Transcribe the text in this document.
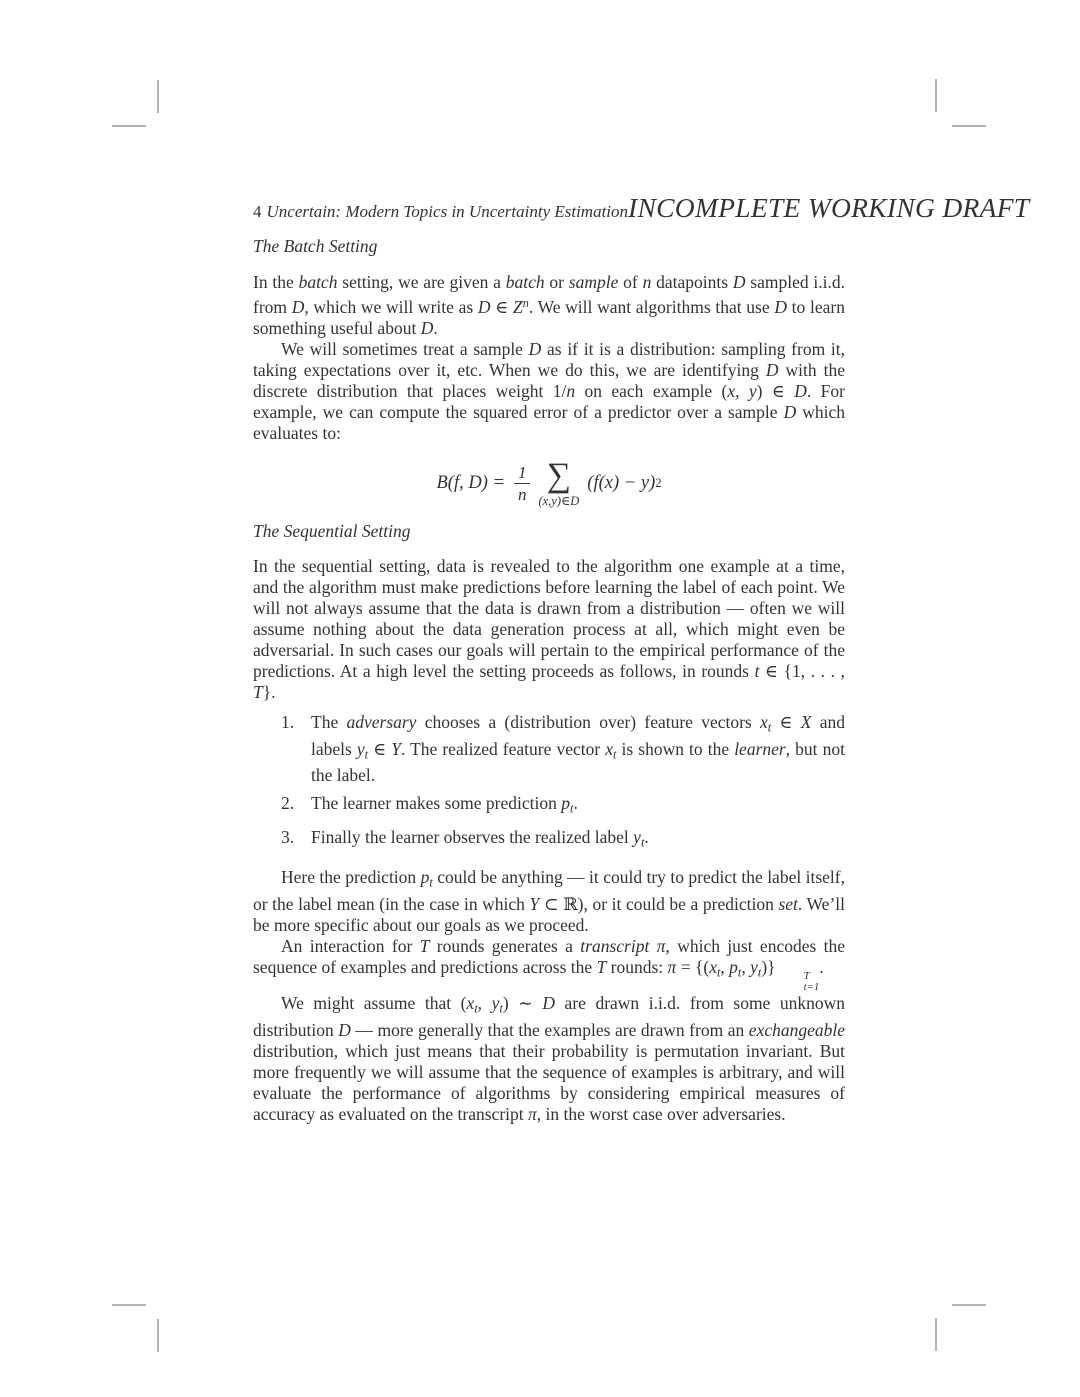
4 Uncertain: Modern Topics in Uncertainty Estimation INCOMPLETE WORKING DRAFT
The Batch Setting

In the batch setting, we are given a batch or sample of n datapoints D sampled i.i.d. from D, which we will write as D ∈ $Z^n$. We will want algorithms that use D to learn something useful about D.

We will sometimes treat a sample D as if it is a distribution: sampling from it, taking expectations over it, etc. When we do this, we are identifying D with the discrete distribution that places weight 1/n on each example (x, y) ∈ D. For example, we can compute the squared error of a predictor over a sample D which evaluates to:

B(f, $D) = \frac{1}{n}$ ∑
(x,y)∈D
(f(x) − y) 2
The Sequential Setting

In the sequential setting, data is revealed to the algorithm one example at a time, and the algorithm must make predictions before learning the label of each point. We will not always assume that the data is drawn from a distribution — often we will assume nothing about the data generation process at all, which might even be adversarial. In such cases our goals will pertain to the empirical performance of the predictions. At a high level the setting proceeds as follows, in rounds t ∈ {1, . . . , T}.

1. The adversary chooses a (distribution over) feature vectors $x_t$ ∈ X and labels $y_t$ ∈ Y. The realized feature vector $x_t$ is shown to the learner, but not the label.
2. The learner makes some prediction $p_t$.
3. Finally the learner observes the realized label $y_t$.

Here the prediction $p_t$ could be anything — it could try to predict the label itself, or the label mean (in the case in which Y ⊂ ℝ), or it could be a prediction set. We’ll be more specific about our goals as we proceed.

An interaction for T rounds generates a transcript π, which just encodes the sequence of examples and predictions across the T rounds: $\pi = \{(x_t$, $p_t$, $y_t$)}	T
t=1
.

We might assume that ($x_t$, $y_t$) ∼ D are drawn i.i.d. from some unknown distribution D — more generally that the examples are drawn from an exchangeable distribution, which just means that their probability is permutation invariant. But more frequently we will assume that the sequence of examples is arbitrary, and will evaluate the performance of algorithms by considering empirical measures of accuracy as evaluated on the transcript π, in the worst case over adversaries.
